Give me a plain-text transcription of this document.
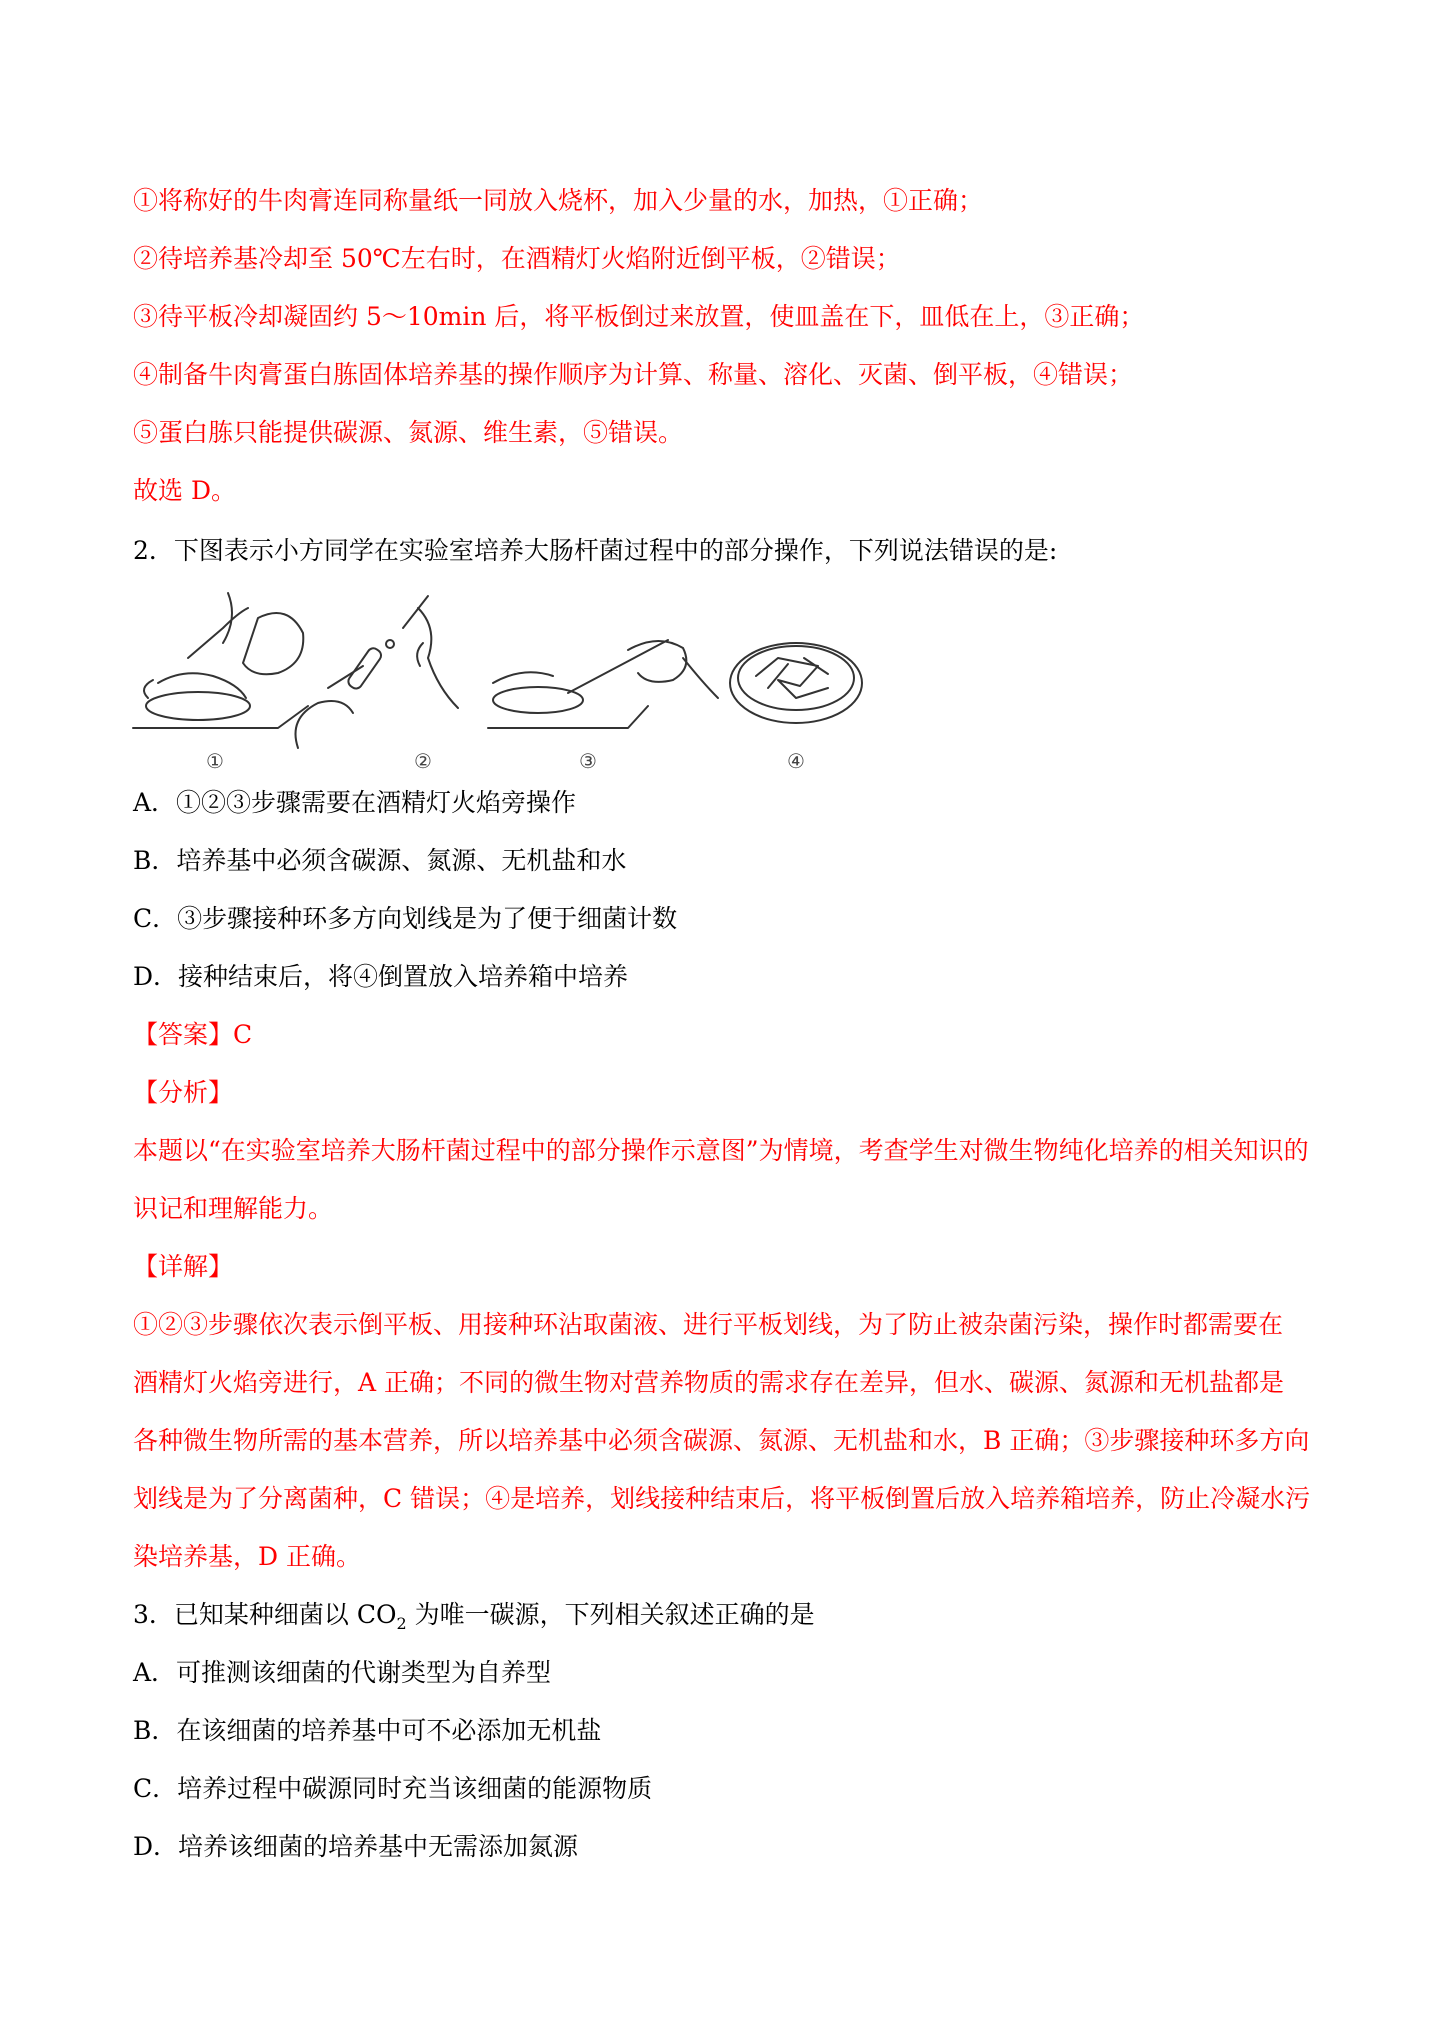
①将称好的牛肉膏连同称量纸一同放入烧杯，加入少量的水，加热，①正确；
②待培养基冷却至 50℃左右时，在酒精灯火焰附近倒平板，②错误；
③待平板冷却凝固约 5～10min 后，将平板倒过来放置，使皿盖在下，皿低在上，③正确；
④制备牛肉膏蛋白胨固体培养基的操作顺序为计算、称量、溶化、灭菌、倒平板，④错误；
⑤蛋白胨只能提供碳源、氮源、维生素，⑤错误。
故选 D。
2．下图表示小方同学在实验室培养大肠杆菌过程中的部分操作，下列说法错误的是:
①	②	③	④
A．①②③步骤需要在酒精灯火焰旁操作
B．培养基中必须含碳源、氮源、无机盐和水
C．③步骤接种环多方向划线是为了便于细菌计数
D．接种结束后，将④倒置放入培养箱中培养
【答案】C
【分析】
本题以“在实验室培养大肠杆菌过程中的部分操作示意图”为情境，考查学生对微生物纯化培养的相关知识的
识记和理解能力。
【详解】
①②③步骤依次表示倒平板、用接种环沾取菌液、进行平板划线，为了防止被杂菌污染，操作时都需要在
酒精灯火焰旁进行，A 正确；不同的微生物对营养物质的需求存在差异，但水、碳源、氮源和无机盐都是
各种微生物所需的基本营养，所以培养基中必须含碳源、氮源、无机盐和水，B 正确；③步骤接种环多方向
划线是为了分离菌种，C 错误；④是培养，划线接种结束后，将平板倒置后放入培养箱培养，防止冷凝水污
染培养基，D 正确。
3．已知某种细菌以 $CO_2$ 为唯一碳源，下列相关叙述正确的是
A．可推测该细菌的代谢类型为自养型
B．在该细菌的培养基中可不必添加无机盐
C．培养过程中碳源同时充当该细菌的能源物质
D．培养该细菌的培养基中无需添加氮源
